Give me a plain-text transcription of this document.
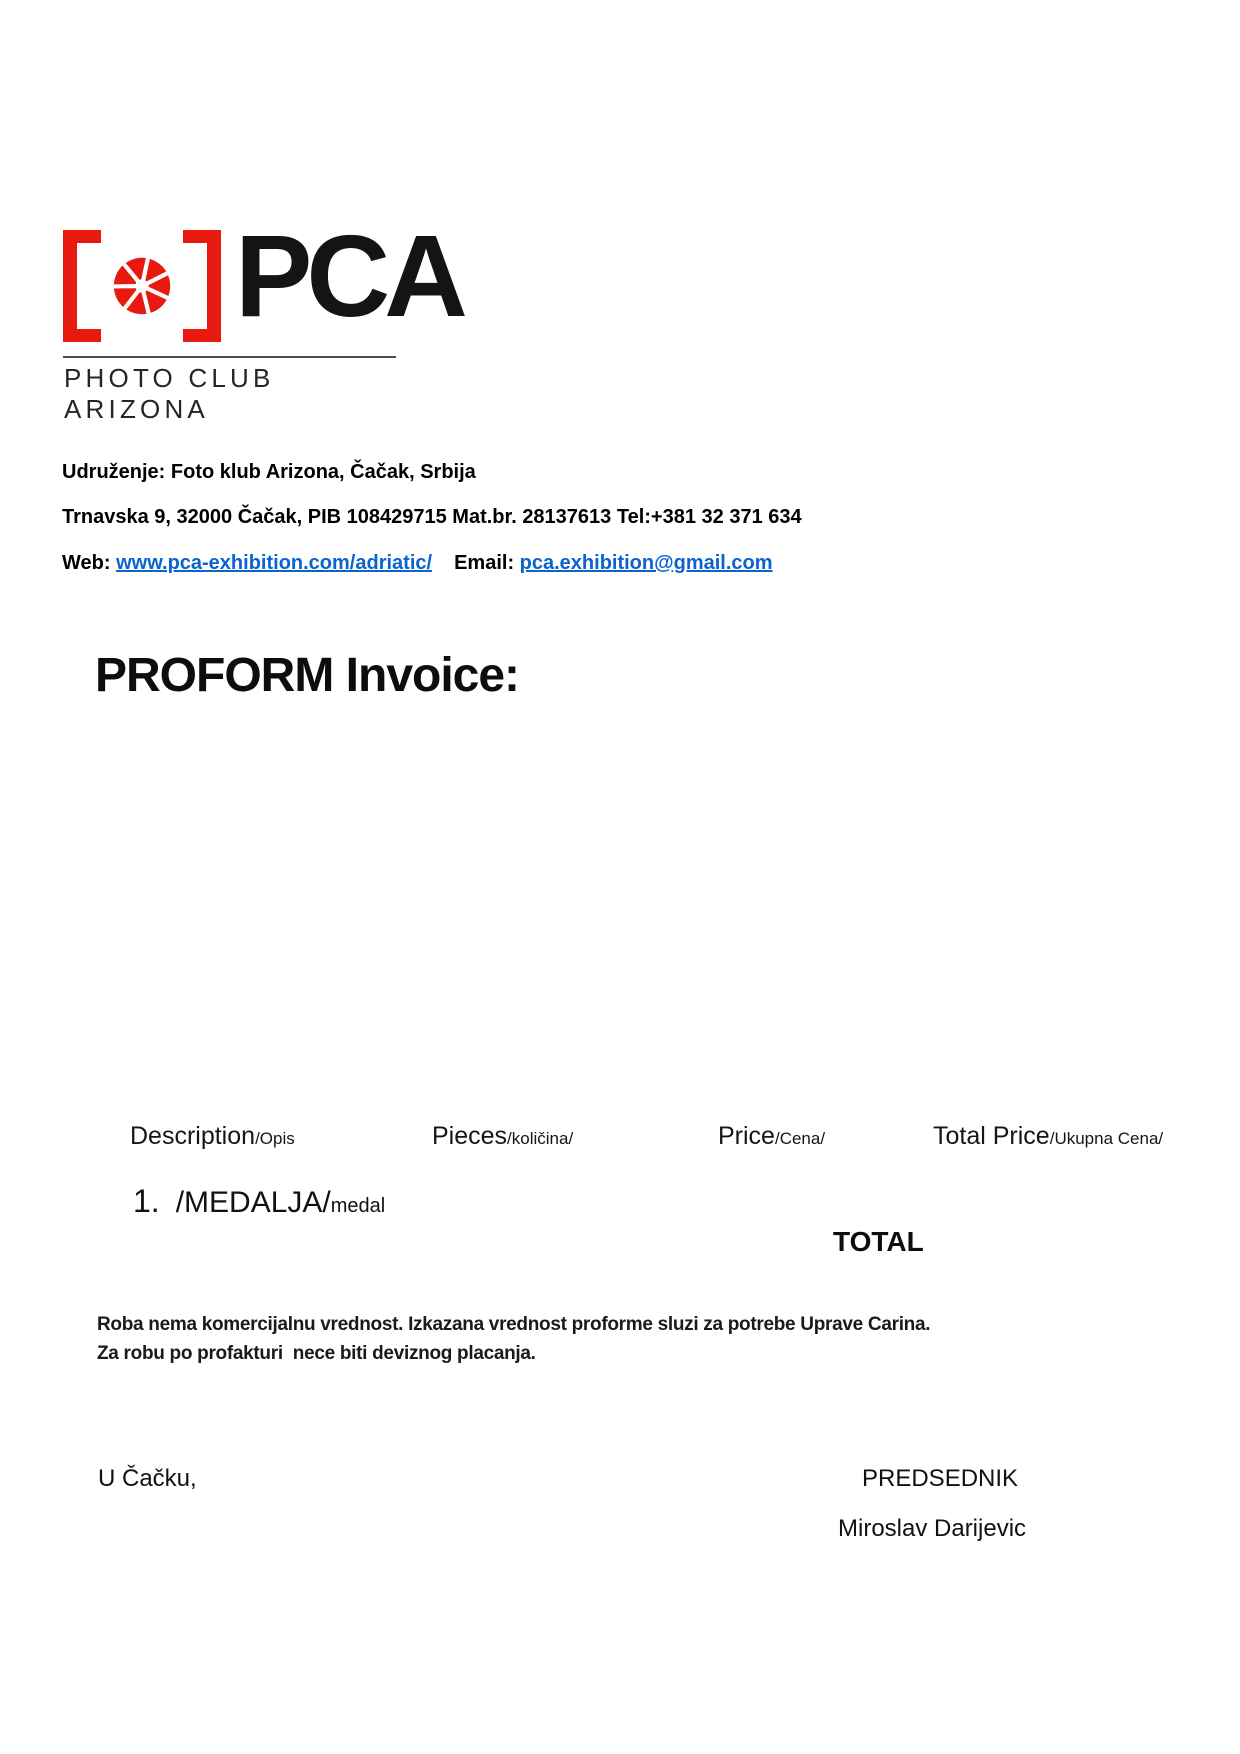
PCA
PHOTO CLUB ARIZONA
Udruženje: Foto klub Arizona, Čačak, Srbija
Trnavska 9, 32000 Čačak, PIB 108429715 Mat.br. 28137613 Tel:+381 32 371 634
Web: www.pca-exhibition.com/adriatic/ Email: pca.exhibition@gmail.com
PROFORM Invoice:
Description/Opis	Pieces/količina/	Price/Cena/	Total Price/Ukupna Cena/
1. /MEDALJA/medal
TOTAL
Roba nema komercijalnu vrednost. Izkazana vrednost proforme sluzi za potrebe Uprave Carina.
Za robu po profakturi  nece biti deviznog placanja.
U Čačku,	PREDSEDNIK
Miroslav Darijevic
